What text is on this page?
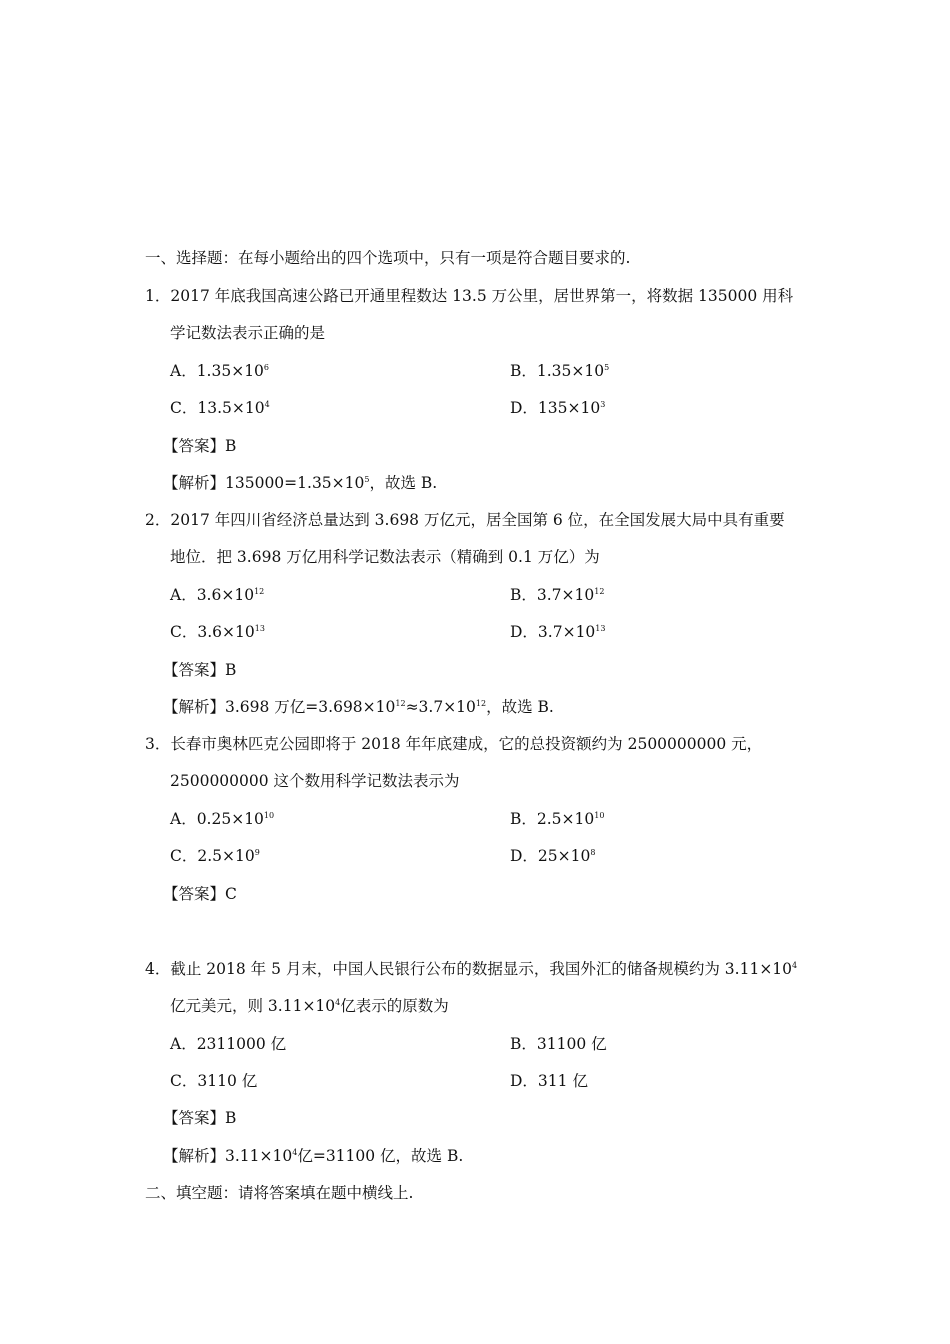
一、选择题：在每小题给出的四个选项中，只有一项是符合题目要求的.
1．2017 年底我国高速公路已开通里程数达 13.5 万公里，居世界第一，将数据 135000 用科
学记数法表示正确的是
A．$1.35\times 10^6$	B．$1.35\times 10^5$
C．$13.5\times 10^4$	D．$135\times 10^3$
【答案】B
【解析】$135000=1.35\times 10^5$，故选 B.
2．2017 年四川省经济总量达到 3.698 万亿元，居全国第 6 位，在全国发展大局中具有重要
地位．把 3.698 万亿用科学记数法表示（精确到 0.1 万亿）为
A．$3.6\times 10^{12}$	B．$3.7\times 10^{12}$
C．$3.6\times 10^{13}$	D．$3.7\times 10^{13}$
【答案】B
【解析】3.698 万亿$=3.698\times 10^{12}\approx 3.7\times 10^{12}$，故选 B.
3．长春市奥林匹克公园即将于 2018 年年底建成，它的总投资额约为 2500000000 元，
2500000000 这个数用科学记数法表示为
A．$0.25\times 10^{10}$	B．$2.5\times 10^{10}$
C．$2.5\times 10^9$	D．$25\times 10^8$
【答案】C
4．截止 2018 年 5 月末，中国人民银行公布的数据显示，我国外汇的储备规模约为 $3.11\times 10^4$
亿元美元，则 $3.11\times 10^4$亿表示的原数为
A．2311000 亿	B．31100 亿
C．3110 亿	D．311 亿
【答案】B
【解析】$3.11\times 10^4$亿=31100 亿，故选 B.
二、填空题：请将答案填在题中横线上.
